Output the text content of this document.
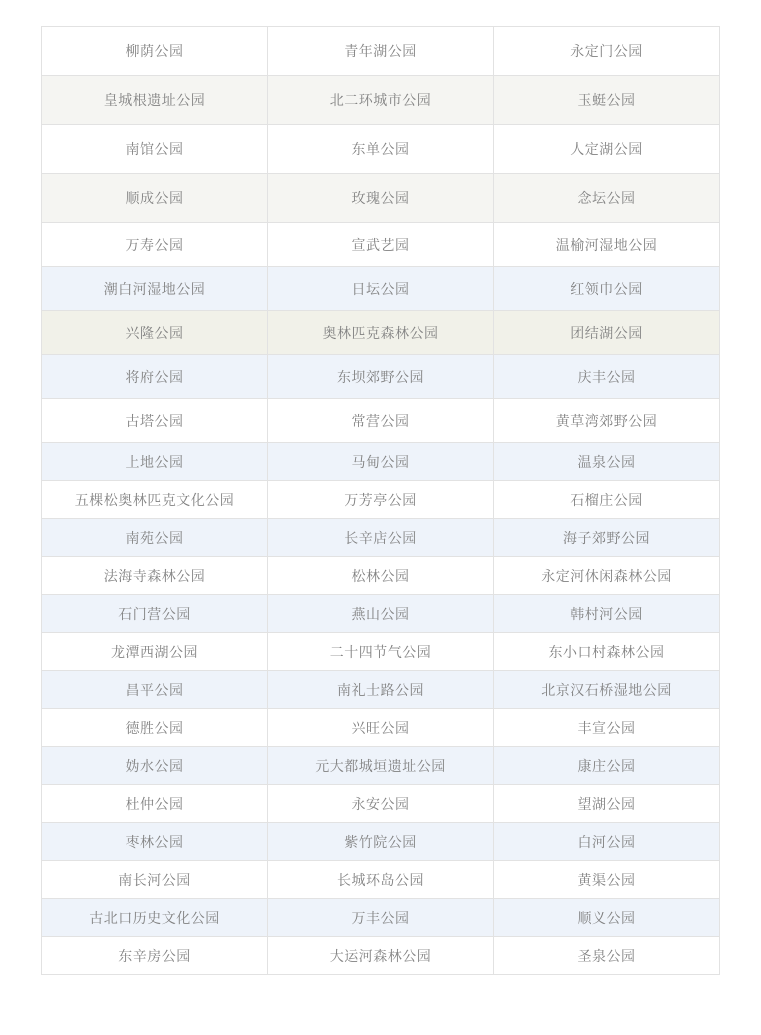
柳荫公园	青年湖公园	永定门公园
皇城根遗址公园	北二环城市公园	玉蜓公园
南馆公园	东单公园	人定湖公园
顺成公园	玫瑰公园	念坛公园
万寿公园	宣武艺园	温榆河湿地公园
潮白河湿地公园	日坛公园	红领巾公园
兴隆公园	奥林匹克森林公园	团结湖公园
将府公园	东坝郊野公园	庆丰公园
古塔公园	常营公园	黄草湾郊野公园
上地公园	马甸公园	温泉公园
五棵松奥林匹克文化公园	万芳亭公园	石榴庄公园
南苑公园	长辛店公园	海子郊野公园
法海寺森林公园	松林公园	永定河休闲森林公园
石门营公园	燕山公园	韩村河公园
龙潭西湖公园	二十四节气公园	东小口村森林公园
昌平公园	南礼士路公园	北京汉石桥湿地公园
德胜公园	兴旺公园	丰宣公园
妫水公园	元大都城垣遗址公园	康庄公园
杜仲公园	永安公园	望湖公园
枣林公园	紫竹院公园	白河公园
南长河公园	长城环岛公园	黄渠公园
古北口历史文化公园	万丰公园	顺义公园
东辛房公园	大运河森林公园	圣泉公园
